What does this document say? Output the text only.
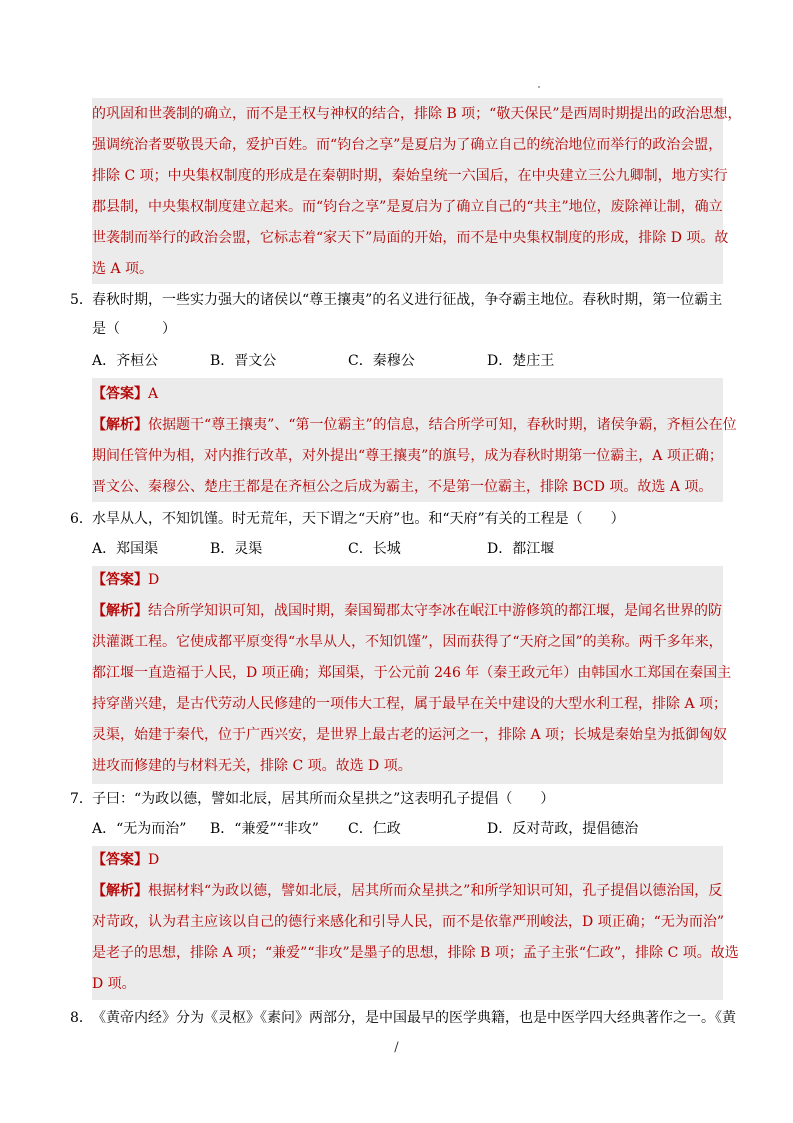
的巩固和世袭制的确立，而不是王权与神权的结合，排除 B 项；“敬天保民”是西周时期提出的政治思想，
强调统治者要敬畏天命，爱护百姓。而“钧台之享”是夏启为了确立自己的统治地位而举行的政治会盟，
排除 C 项；中央集权制度的形成是在秦朝时期，秦始皇统一六国后，在中央建立三公九卿制，地方实行
郡县制，中央集权制度建立起来。而“钧台之享”是夏启为了确立自己的“共主”地位，废除禅让制，确立
世袭制而举行的政治会盟，它标志着“家天下”局面的开始，而不是中央集权制度的形成，排除 D 项。故
选 A 项。
5． 春秋时期，一些实力强大的诸侯以“尊王攘夷”的名义进行征战，争夺霸主地位。春秋时期，第一位霸主
是（　　　）
A．齐桓公	B．晋文公	C．秦穆公	D．楚庄王
【答案】A
【解析】依据题干“尊王攘夷”、“第一位霸主”的信息，结合所学可知，春秋时期，诸侯争霸，齐桓公在位
期间任管仲为相，对内推行改革，对外提出“尊王攘夷”的旗号，成为春秋时期第一位霸主，A 项正确；
晋文公、秦穆公、楚庄王都是在齐桓公之后成为霸主，不是第一位霸主，排除 BCD 项。故选 A 项。
6． 水旱从人，不知饥馑。时无荒年，天下谓之“天府”也。和“天府”有关的工程是（　　）
A．郑国渠	B．灵渠	C．长城	D．都江堰
【答案】D
【解析】结合所学知识可知，战国时期，秦国蜀郡太守李冰在岷江中游修筑的都江堰，是闻名世界的防
洪灌溉工程。它使成都平原变得“水旱从人，不知饥馑”，因而获得了“天府之国”的美称。两千多年来，
都江堰一直造福于人民，D 项正确；郑国渠，于公元前 246 年（秦王政元年）由韩国水工郑国在秦国主
持穿凿兴建，是古代劳动人民修建的一项伟大工程，属于最早在关中建设的大型水利工程，排除 A 项；
灵渠，始建于秦代，位于广西兴安，是世界上最古老的运河之一，排除 A 项；长城是秦始皇为抵御匈奴
进攻而修建的与材料无关，排除 C 项。故选 D 项。
7． 子曰：“为政以德，譬如北辰，居其所而众星拱之”这表明孔子提倡（　　）
A．“无为而治” B．“兼爱”“非攻” C．仁政	D．反对苛政，提倡德治
【答案】D
【解析】根据材料“为政以德，譬如北辰，居其所而众星拱之”和所学知识可知，孔子提倡以德治国，反
对苛政，认为君主应该以自己的德行来感化和引导人民，而不是依靠严刑峻法，D 项正确；“无为而治”
是老子的思想，排除 A 项；“兼爱”“非攻”是墨子的思想，排除 B 项；孟子主张“仁政”，排除 C 项。故选
D 项。
8． 《黄帝内经》分为《灵枢》《素问》两部分，是中国最早的医学典籍，也是中医学四大经典著作之一。《黄
/
